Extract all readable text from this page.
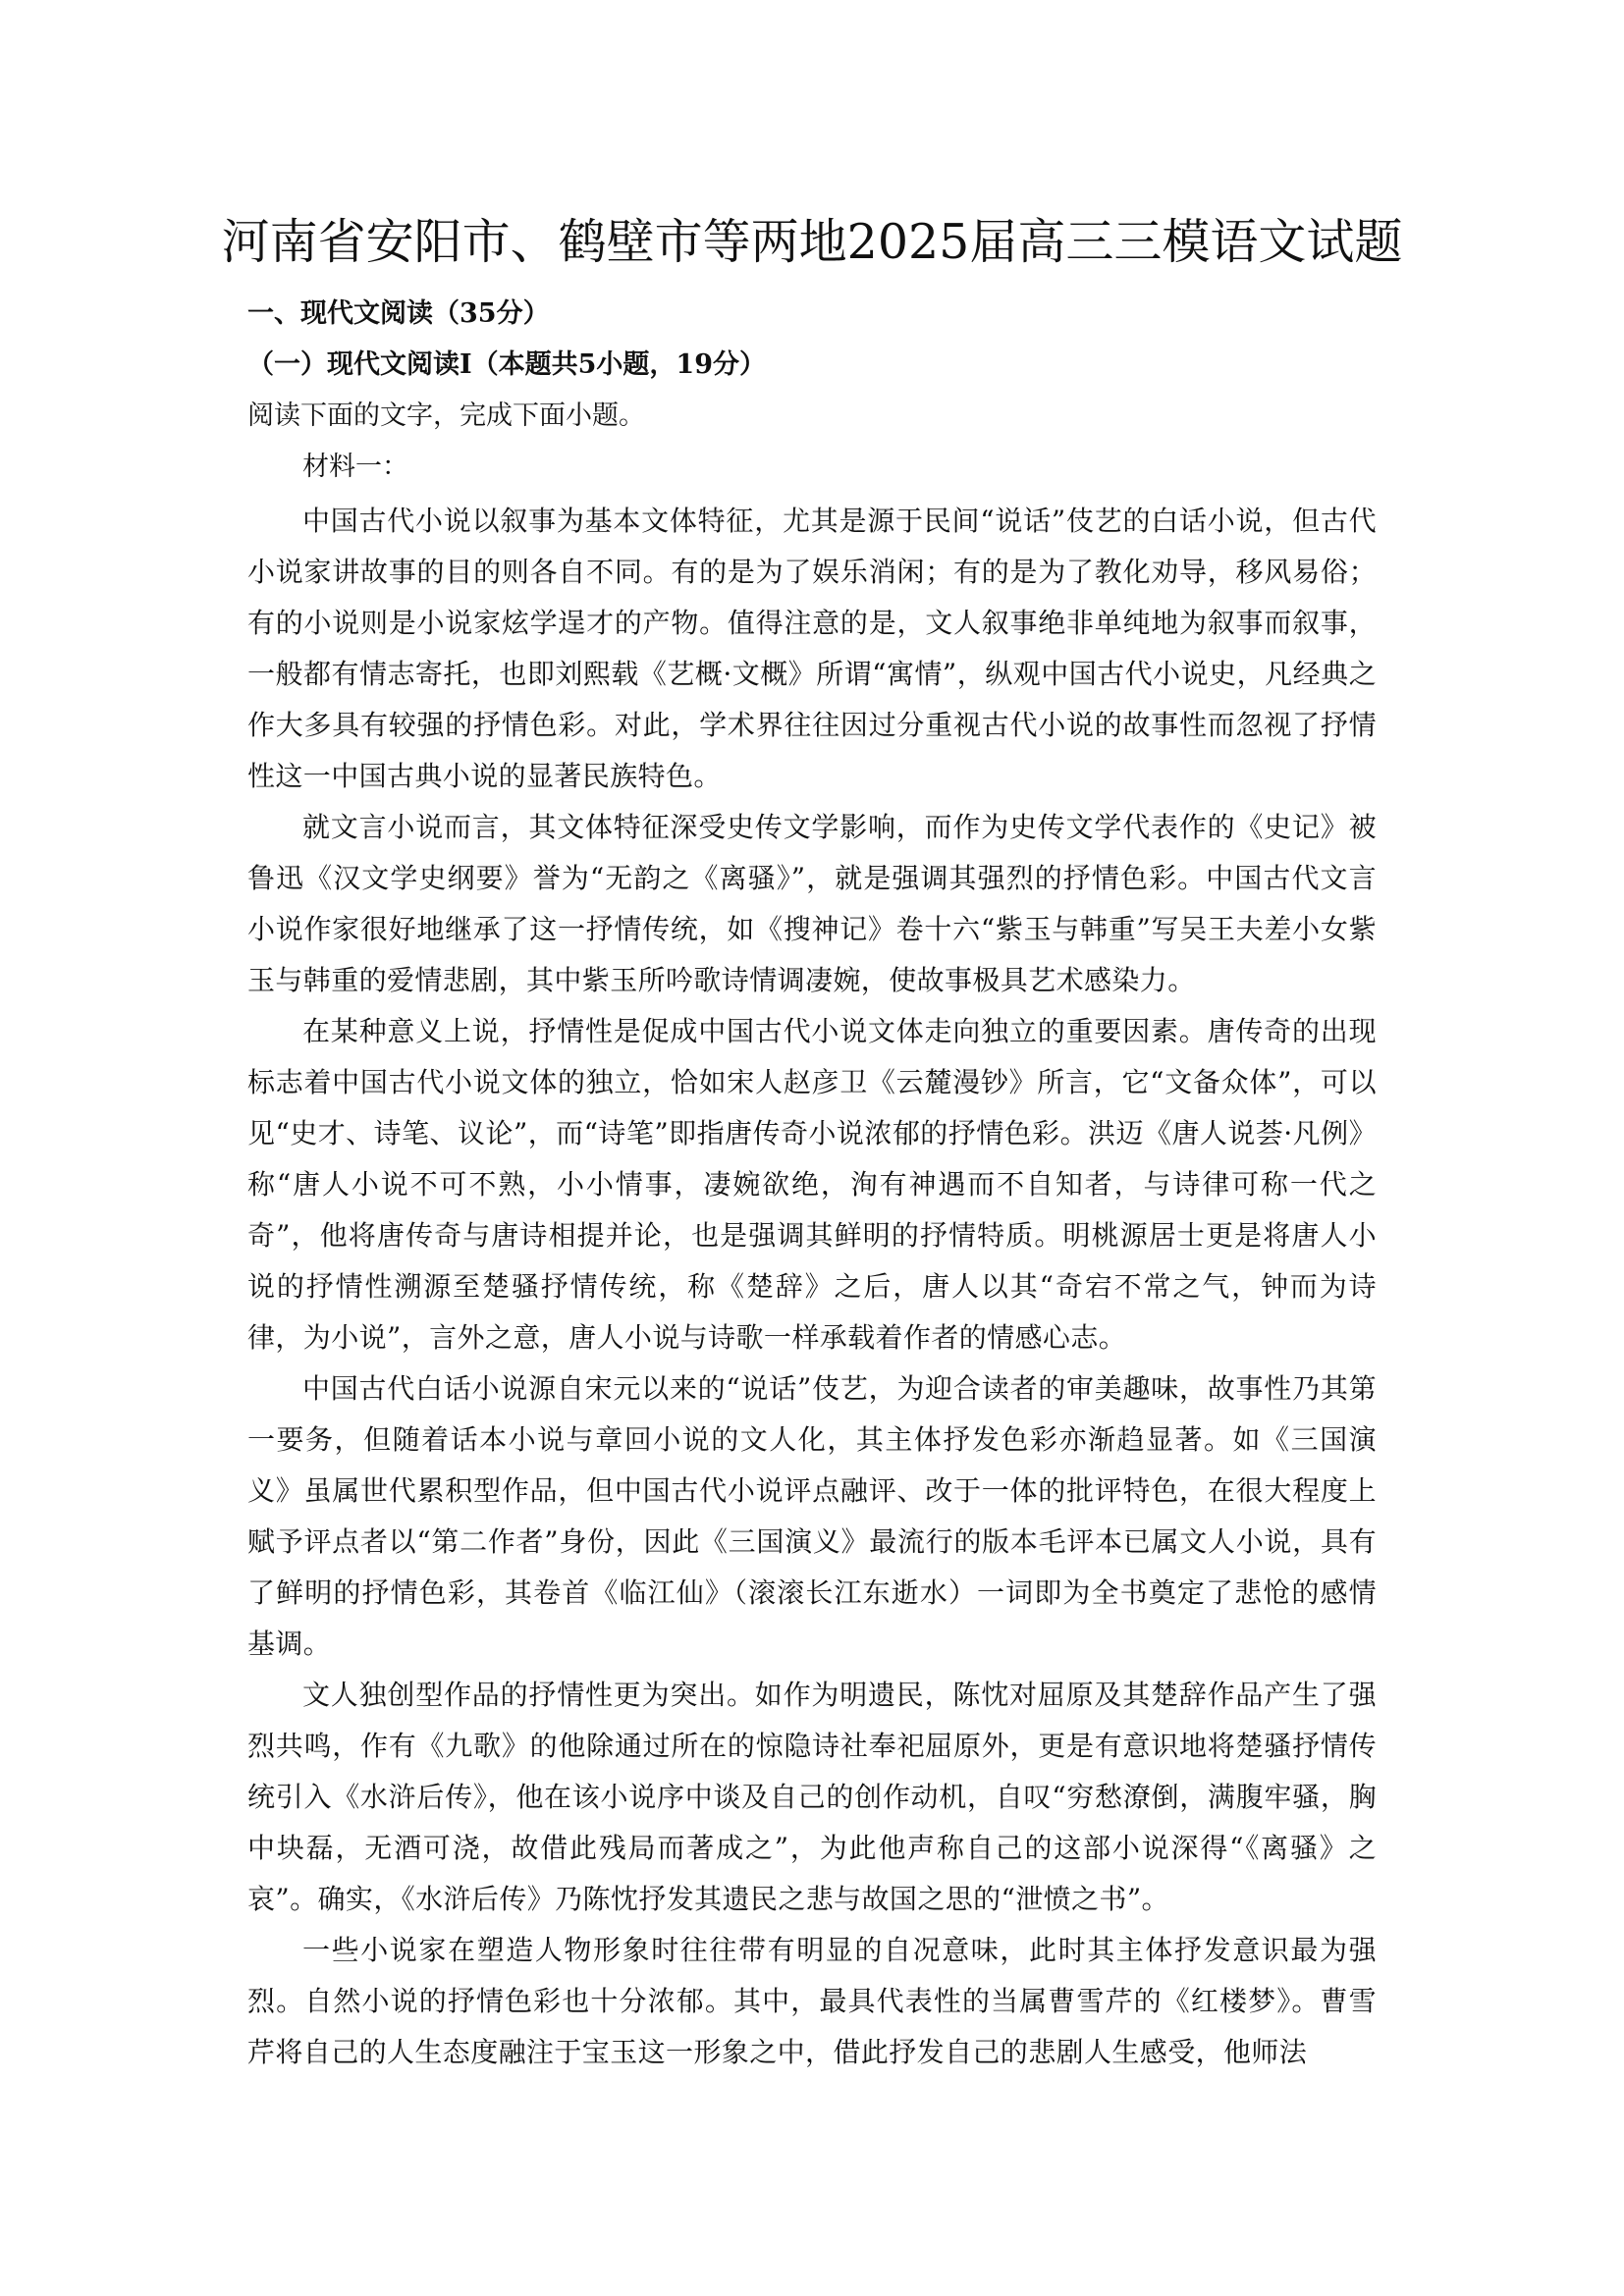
河南省安阳市、鹤壁市等两地2025届高三三模语文试题

一、现代文阅读（35分）

（一）现代文阅读Ⅰ（本题共5小题，19分）

阅读下面的文字，完成下面小题。

材料一：

中国古代小说以叙事为基本文体特征，尤其是源于民间“说话”伎艺的白话小说，但古代小说家讲故事的目的则各自不同。有的是为了娱乐消闲；有的是为了教化劝导，移风易俗；有的小说则是小说家炫学逞才的产物。值得注意的是，文人叙事绝非单纯地为叙事而叙事，一般都有情志寄托，也即刘熙载《艺概·文概》所谓“寓情”，纵观中国古代小说史，凡经典之作大多具有较强的抒情色彩。对此，学术界往往因过分重视古代小说的故事性而忽视了抒情性这一中国古典小说的显著民族特色。

就文言小说而言，其文体特征深受史传文学影响，而作为史传文学代表作的《史记》被鲁迅《汉文学史纲要》誉为“无韵之《离骚》”，就是强调其强烈的抒情色彩。中国古代文言小说作家很好地继承了这一抒情传统，如《搜神记》卷十六“紫玉与韩重”写吴王夫差小女紫玉与韩重的爱情悲剧，其中紫玉所吟歌诗情调凄婉，使故事极具艺术感染力。

在某种意义上说，抒情性是促成中国古代小说文体走向独立的重要因素。唐传奇的出现标志着中国古代小说文体的独立，恰如宋人赵彦卫《云麓漫钞》所言，它“文备众体”，可以见“史才、诗笔、议论”，而“诗笔”即指唐传奇小说浓郁的抒情色彩。洪迈《唐人说荟·凡例》称“唐人小说不可不熟，小小情事，凄婉欲绝，洵有神遇而不自知者，与诗律可称一代之奇”，他将唐传奇与唐诗相提并论，也是强调其鲜明的抒情特质。明桃源居士更是将唐人小说的抒情性溯源至楚骚抒情传统，称《楚辞》之后，唐人以其“奇宕不常之气，钟而为诗律，为小说”，言外之意，唐人小说与诗歌一样承载着作者的情感心志。

中国古代白话小说源自宋元以来的“说话”伎艺，为迎合读者的审美趣味，故事性乃其第一要务，但随着话本小说与章回小说的文人化，其主体抒发色彩亦渐趋显著。如《三国演义》虽属世代累积型作品，但中国古代小说评点融评、改于一体的批评特色，在很大程度上赋予评点者以“第二作者”身份，因此《三国演义》最流行的版本毛评本已属文人小说，具有了鲜明的抒情色彩，其卷首《临江仙》（滚滚长江东逝水）一词即为全书奠定了悲怆的感情基调。

文人独创型作品的抒情性更为突出。如作为明遗民，陈忱对屈原及其楚辞作品产生了强烈共鸣，作有《九歌》的他除通过所在的惊隐诗社奉祀屈原外，更是有意识地将楚骚抒情传统引入《水浒后传》，他在该小说序中谈及自己的创作动机，自叹“穷愁潦倒，满腹牢骚，胸中块磊，无酒可浇，故借此残局而著成之”，为此他声称自己的这部小说深得“《离骚》之哀”。确实，《水浒后传》乃陈忱抒发其遗民之悲与故国之思的“泄愤之书”。

一些小说家在塑造人物形象时往往带有明显的自况意味，此时其主体抒发意识最为强烈。自然小说的抒情色彩也十分浓郁。其中，最具代表性的当属曹雪芹的《红楼梦》。曹雪芹将自己的人生态度融注于宝玉这一形象之中，借此抒发自己的悲剧人生感受，他师法
